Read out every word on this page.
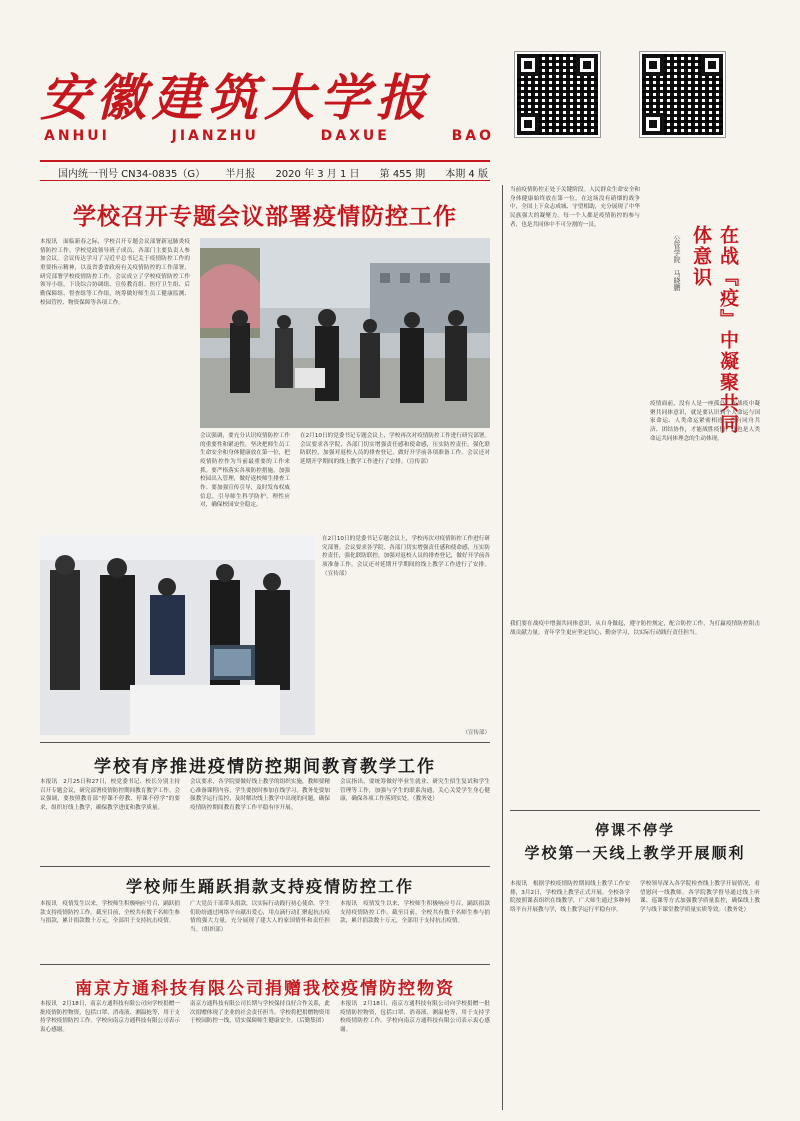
安徽建筑大学报
ANHUI	JIANZHU	DAXUE	BAO
国内统一刊号 CN34-0835（G） 半月报 2020 年 3 月 1 日 第 455 期 本期 4 版
学校召开专题会议部署疫情防控工作
本报讯　面临新春之际，学校召开专题会议部署新冠肺炎疫情防控工作。学校党政领导班子成员、各部门主要负责人参加会议。会议传达学习了习近平总书记关于疫情防控工作的重要指示精神，以及省委省政府有关疫情防控的工作部署，研究部署学校疫情防控工作。会议成立了学校疫情防控工作领导小组，下设综合协调组、宣传教育组、医疗卫生组、后勤保障组、督查组等工作组，统筹做好师生员工健康监测、校园管控、物资保障等各项工作。
会议强调，要充分认识疫情防控工作的重要性和紧迫性，坚决把师生员工生命安全和身体健康放在第一位，把疫情防控作为当前最重要的工作来抓。要严格落实各项防控措施，加强校园出入管理，做好返校师生排查工作。要加强宣传引导，及时发布权威信息，引导师生科学防护、理性应对，确保校园安全稳定。
在2月10日的党委书记专题会议上，学校再次对疫情防控工作进行研究部署。会议要求各学院、各部门切实增强责任感和使命感，压实防控责任，强化联防联控，加强对返校人员的排查登记，做好开学前各项准备工作。会议还对延期开学期间的线上教学工作进行了安排。（宣传部）
在2月10日的党委书记专题会议上，学校再次对疫情防控工作进行研究部署。会议要求各学院、各部门切实增强责任感和使命感，压实防控责任，强化联防联控，加强对返校人员的排查登记，做好开学前各项准备工作。会议还对延期开学期间的线上教学工作进行了安排。（宣传部）
（宣传部）
学校有序推进疫情防控期间教育教学工作
本报讯　2月25日和27日，校党委书记、校长分别主持召开专题会议，研究部署疫情防控期间教育教学工作。会议强调，要按照教育部“停课不停教、停课不停学”的要求，组织好线上教学，确保教学进度和教学质量。
会议要求，各学院要做好线上教学的组织实施，教师要精心准备课程内容，学生要按时参加在线学习。教务处要加强教学运行监控，及时解决线上教学中出现的问题，确保疫情防控期间教育教学工作平稳有序开展。
会议指出，要统筹做好毕业生就业、研究生招生复试和学生管理等工作，加强与学生的联系沟通，关心关爱学生身心健康，确保各项工作落到实处。（教务处）
学校师生踊跃捐款支持疫情防控工作
本报讯　疫情发生以来，学校师生积极响应号召，踊跃捐款支持疫情防控工作。截至目前，全校共有数千名师生参与捐款，累计捐款数十万元，全部用于支持抗击疫情。
广大党员干部带头捐款，以实际行动践行初心使命。学生们纷纷通过网络平台献出爱心，用点滴行动汇聚起抗击疫情的强大力量，充分展现了建大人的家国情怀和责任担当。（组织部）
本报讯　疫情发生以来，学校师生积极响应号召，踊跃捐款支持疫情防控工作。截至目前，全校共有数千名师生参与捐款，累计捐款数十万元，全部用于支持抗击疫情。
南京方通科技有限公司捐赠我校疫情防控物资
本报讯　2月18日，南京方通科技有限公司向学校捐赠一批疫情防控物资，包括口罩、消毒液、测温枪等，用于支持学校疫情防控工作。学校向南京方通科技有限公司表示衷心感谢。
南京方通科技有限公司长期与学校保持良好合作关系，此次捐赠体现了企业的社会责任担当。学校将把捐赠物资用于校园防控一线，切实保障师生健康安全。（后勤集团）
本报讯　2月18日，南京方通科技有限公司向学校捐赠一批疫情防控物资，包括口罩、消毒液、测温枪等，用于支持学校疫情防控工作。学校向南京方通科技有限公司表示衷心感谢。
当前疫情防控正处于关键阶段。人民群众生命安全和身体健康始终放在第一位。在这场没有硝烟的战争中，全国上下众志成城、守望相助，充分展现了中华民族强大的凝聚力。每一个人都是疫情防控的参与者，也是共同体中不可分割的一员。
在战『疫』中凝聚共同体意识
公管学院　马晓鹏
疫情面前，没有人是一座孤岛。在战疫中凝聚共同体意识，就是要认识到个人命运与国家命运、人类命运紧密相连。只有同舟共济、团结协作，才能战胜疫情，这也是人类命运共同体理念的生动体现。
我们要在战疫中增强共同体意识，从自身做起，遵守防控规定，配合防控工作，为打赢疫情防控阻击战贡献力量。青年学生更应坚定信心，勤奋学习，以实际行动践行责任担当。
停课不停学
学校第一天线上教学开展顺利
本报讯　根据学校疫情防控期间线上教学工作安排，3月2日，学校线上教学正式开展。全校各学院按照课表组织在线教学，广大师生通过多种网络平台开展教与学，线上教学运行平稳有序。
学校领导深入各学院检查线上教学开展情况，看望慰问一线教师。各学院教学督导通过线上听课、巡课等方式加强教学质量监控，确保线上教学与线下课堂教学质量实质等效。（教务处）
